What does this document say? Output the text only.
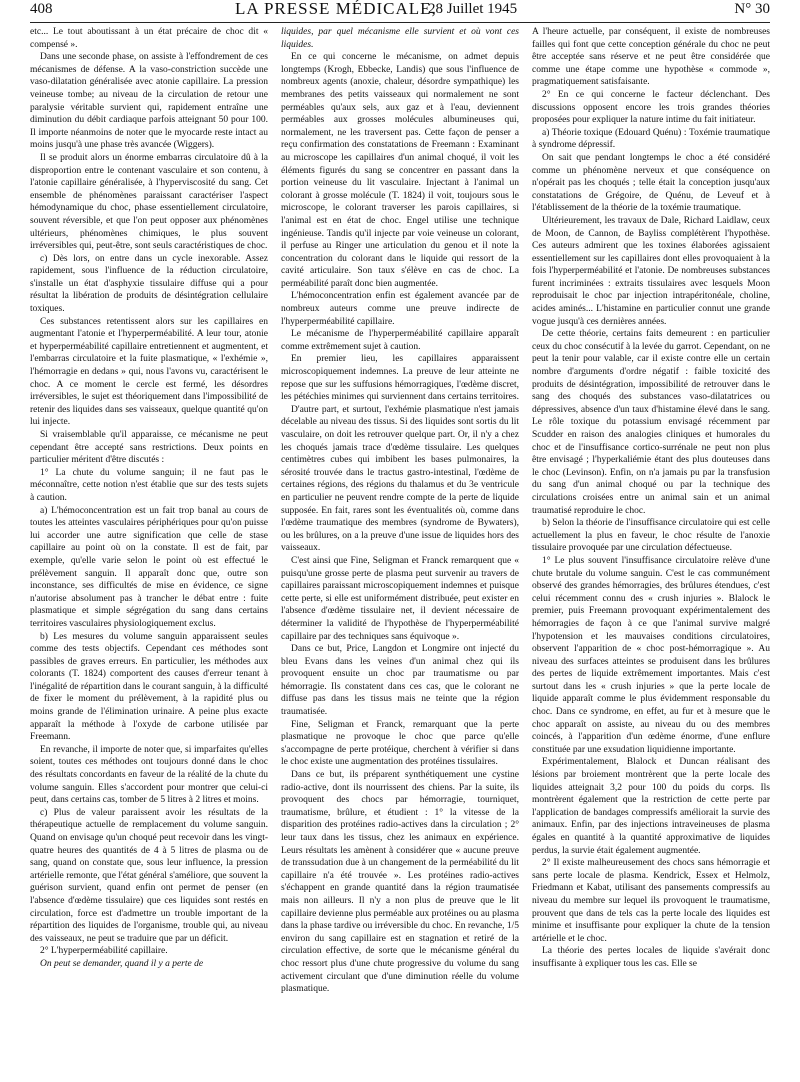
408	LA PRESSE MÉDICALE,
28 Juillet 1945	N° 30

etc... Le tout aboutissant à un état précaire de choc dit « compensé ».

Dans une seconde phase, on assiste à l'effondrement de ces mécanismes de défense. A la vaso-constriction succède une vaso-dilatation généralisée avec atonie capillaire. La pression veineuse tombe; au niveau de la circulation de retour une paralysie véritable survient qui, rapidement entraîne une diminution du débit cardiaque parfois atteignant 50 pour 100. Il importe néanmoins de noter que le myocarde reste intact au moins jusqu'à une phase très avancée (Wiggers).

Il se produit alors un énorme embarras circulatoire dû à la disproportion entre le contenant vasculaire et son contenu, à l'atonie capillaire généralisée, à l'hyperviscosité du sang. Cet ensemble de phénomènes paraissant caractériser l'aspect hémodynamique du choc, phase essentiellement circulatoire, souvent réversible, et que l'on peut opposer aux phénomènes ultérieurs, phénomènes chimiques, le plus souvent irréversibles qui, peut-être, sont seuls caractéristiques de choc.

c) Dès lors, on entre dans un cycle inexorable. Assez rapidement, sous l'influence de la réduction circulatoire, s'installe un état d'asphyxie tissulaire diffuse qui a pour résultat la libération de produits de désintégration cellulaire toxiques.

Ces substances retentissent alors sur les capillaires en augmentant l'atonie et l'hyperperméabilité. A leur tour, atonie et hyperperméabilité capillaire entretiennent et augmentent, et l'embarras circulatoire et la fuite plasmatique, « l'exhémie », l'hémorragie en dedans » qui, nous l'avons vu, caractérisent le choc. A ce moment le cercle est fermé, les désordres irréversibles, le sujet est théoriquement dans l'impossibilité de retenir des liquides dans ses vaisseaux, quelque quantité qu'on lui injecte.

Si vraisemblable qu'il apparaisse, ce mécanisme ne peut cependant être accepté sans restrictions. Deux points en particulier méritent d'être discutés :

1° La chute du volume sanguin; il ne faut pas le méconnaître, cette notion n'est établie que sur des tests sujets à caution.

a) L'hémoconcentration est un fait trop banal au cours de toutes les atteintes vasculaires périphériques pour qu'on puisse lui accorder une autre signification que celle de stase capillaire au point où on la constate. Il est de fait, par exemple, qu'elle varie selon le point où est effectué le prélèvement sanguin. Il apparaît donc que, outre son inconstance, ses difficultés de mise en évidence, ce signe n'autorise absolument pas à trancher le débat entre : fuite plasmatique et simple ségrégation du sang dans certains territoires vasculaires physiologiquement exclus.

b) Les mesures du volume sanguin apparaissent seules comme des tests objectifs. Cependant ces méthodes sont passibles de graves erreurs. En particulier, les méthodes aux colorants (T. 1824) comportent des causes d'erreur tenant à l'inégalité de répartition dans le courant sanguin, à la difficulté de fixer le moment du prélèvement, à la rapidité plus ou moins grande de l'élimination urinaire. A peine plus exacte apparaît la méthode à l'oxyde de carbone utilisée par Freemann.

En revanche, il importe de noter que, si imparfaites qu'elles soient, toutes ces méthodes ont toujours donné dans le choc des résultats concordants en faveur de la réalité de la chute du volume sanguin. Elles s'accordent pour montrer que celui-ci peut, dans certains cas, tomber de 5 litres à 2 litres et moins.

c) Plus de valeur paraissent avoir les résultats de la thérapeutique actuelle de remplacement du volume sanguin. Quand on envisage qu'un choqué peut recevoir dans les vingt-quatre heures des quantités de 4 à 5 litres de plasma ou de sang, quand on constate que, sous leur influence, la pression artérielle remonte, que l'état général s'améliore, que souvent la guérison survient, quand enfin ont permet de penser (en l'absence d'œdème tissulaire) que ces liquides sont restés en circulation, force est d'admettre un trouble important de la répartition des liquides de l'organisme, trouble qui, au niveau des vaisseaux, ne peut se traduire que par un déficit.

2° L'hyperperméabilité capillaire.

On peut se demander, quand il y a perte de

liquides, par quel mécanisme elle survient et où vont ces liquides.

En ce qui concerne le mécanisme, on admet depuis longtemps (Krogh, Ebbecke, Landis) que sous l'influence de nombreux agents (anoxie, chaleur, désordre sympathique) les membranes des petits vaisseaux qui normalement ne sont perméables qu'aux sels, aux gaz et à l'eau, deviennent perméables aux grosses molécules albumineuses qui, normalement, ne les traversent pas. Cette façon de penser a reçu confirmation des constatations de Freemann : Examinant au microscope les capillaires d'un animal choqué, il voit les éléments figurés du sang se concentrer en passant dans la portion veineuse du lit vasculaire. Injectant à l'animal un colorant à grosse molécule (T. 1824) il voit, toujours sous le microscope, le colorant traverser les parois capillaires, si l'animal est en état de choc. Engel utilise une technique ingénieuse. Tandis qu'il injecte par voie veineuse un colorant, il perfuse au Ringer une articulation du genou et il note la concentration du colorant dans le liquide qui ressort de la cavité articulaire. Son taux s'élève en cas de choc. La perméabilité paraît donc bien augmentée.

L'hémoconcentration enfin est également avancée par de nombreux auteurs comme une preuve indirecte de l'hyperperméabilité capillaire.

Le mécanisme de l'hyperperméabilité capillaire apparaît comme extrêmement sujet à caution.

En premier lieu, les capillaires apparaissent microscopiquement indemnes. La preuve de leur atteinte ne repose que sur les suffusions hémorragiques, l'œdème discret, les pétéchies minimes qui surviennent dans certains territoires.

D'autre part, et surtout, l'exhémie plasmatique n'est jamais décelable au niveau des tissus. Si des liquides sont sortis du lit vasculaire, on doit les retrouver quelque part. Or, il n'y a chez les choqués jamais trace d'œdème tissulaire. Les quelques centimètres cubes qui imbibent les bases pulmonaires, la sérosité trouvée dans le tractus gastro-intestinal, l'œdème de certaines régions, des régions du thalamus et du 3e ventricule en particulier ne peuvent rendre compte de la perte de liquide supposée. En fait, rares sont les éventualités où, comme dans l'œdème traumatique des membres (syndrome de Bywaters), ou les brûlures, on a la preuve d'une issue de liquides hors des vaisseaux.

C'est ainsi que Fine, Seligman et Franck remarquent que « puisqu'une grosse perte de plasma peut survenir au travers de capillaires paraissant microscopiquement indemnes et puisque cette perte, si elle est uniformément distribuée, peut exister en l'absence d'œdème tissulaire net, il devient nécessaire de déterminer la validité de l'hypothèse de l'hyperperméabilité capillaire par des techniques sans équivoque ».

Dans ce but, Price, Langdon et Longmire ont injecté du bleu Evans dans les veines d'un animal chez qui ils provoquent ensuite un choc par traumatisme ou par hémorragie. Ils constatent dans ces cas, que le colorant ne diffuse pas dans les tissus mais ne teinte que la région traumatisée.

Fine, Seligman et Franck, remarquant que la perte plasmatique ne provoque le choc que parce qu'elle s'accompagne de perte protéique, cherchent à vérifier si dans le choc existe une augmentation des protéines tissulaires.

Dans ce but, ils préparent synthétiquement une cystine radio-active, dont ils nourrissent des chiens. Par la suite, ils provoquent des chocs par hémorragie, tourniquet, traumatisme, brûlure, et étudient : 1° la vitesse de la disparition des protéines radio-actives dans la circulation ; 2° leur taux dans les tissus, chez les animaux en expérience. Leurs résultats les amènent à considérer que « aucune preuve de transsudation due à un changement de la perméabilité du lit capillaire n'a été trouvée ». Les protéines radio-actives s'échappent en grande quantité dans la région traumatisée mais non ailleurs. Il n'y a non plus de preuve que le lit capillaire devienne plus perméable aux protéines ou au plasma dans la phase tardive ou irréversible du choc. En revanche, 1/5 environ du sang capillaire est en stagnation et retiré de la circulation effective, de sorte que le mécanisme général du choc ressort plus d'une chute progressive du volume du sang activement circulant que d'une diminution réelle du volume plasmatique.

A l'heure actuelle, par conséquent, il existe de nombreuses failles qui font que cette conception générale du choc ne peut être acceptée sans réserve et ne peut être considérée que comme une étape comme une hypothèse « commode », pragmatiquement satisfaisante.

2° En ce qui concerne le facteur déclenchant. Des discussions opposent encore les trois grandes théories proposées pour expliquer la nature intime du fait initiateur.

a) Théorie toxique (Edouard Quénu) : Toxémie traumatique à syndrome dépressif.

On sait que pendant longtemps le choc a été considéré comme un phénomène nerveux et que conséquence on n'opérait pas les choqués ; telle était la conception jusqu'aux constatations de Grégoire, de Quénu, de Leveuf et à l'établissement de la théorie de la toxémie traumatique.

Ultérieurement, les travaux de Dale, Richard Laidlaw, ceux de Moon, de Cannon, de Bayliss complétèrent l'hypothèse. Ces auteurs admirent que les toxines élaborées agissaient essentiellement sur les capillaires dont elles provoquaient à la fois l'hyperperméabilité et l'atonie. De nombreuses substances furent incriminées : extraits tissulaires avec lesquels Moon reproduisait le choc par injection intrapéritonéale, choline, acides aminés... L'histamine en particulier connut une grande vogue jusqu'à ces dernières années.

De cette théorie, certains faits demeurent : en particulier ceux du choc consécutif à la levée du garrot. Cependant, on ne peut la tenir pour valable, car il existe contre elle un certain nombre d'arguments d'ordre négatif : faible toxicité des produits de désintégration, impossibilité de retrouver dans le sang des choqués des substances vaso-dilatatrices ou dépressives, absence d'un taux d'histamine élevé dans le sang. Le rôle toxique du potassium envisagé récemment par Scudder en raison des analogies cliniques et humorales du choc et de l'insuffisance cortico-surrénale ne peut non plus être envisagé ; l'hyperkaliémie étant des plus douteuses dans le choc (Levinson). Enfin, on n'a jamais pu par la transfusion du sang d'un animal choqué ou par la technique des circulations croisées entre un animal sain et un animal traumatisé reproduire le choc.

b) Selon la théorie de l'insuffisance circulatoire qui est celle actuellement la plus en faveur, le choc résulte de l'anoxie tissulaire provoquée par une circulation défectueuse.

1° Le plus souvent l'insuffisance circulatoire relève d'une chute brutale du volume sanguin. C'est le cas communément observé des grandes hémorragies, des brûlures étendues, c'est celui récemment connu des « crush injuries ». Blalock le premier, puis Freemann provoquant expérimentalement des hémorragies de façon à ce que l'animal survive malgré l'hypotension et les mauvaises conditions circulatoires, observent l'apparition de « choc post-hémorragique ». Au niveau des surfaces atteintes se produisent dans les brûlures des pertes de liquide extrêmement importantes. Mais c'est surtout dans les « crush injuries » que la perte locale de liquide apparaît comme le plus évidemment responsable du choc. Dans ce syndrome, en effet, au fur et à mesure que le choc apparaît on assiste, au niveau du ou des membres coincés, à l'apparition d'un œdème énorme, d'une enflure constituée par une exsudation liquidienne importante.

Expérimentalement, Blalock et Duncan réalisant des lésions par broiement montrèrent que la perte locale des liquides atteignait 3,2 pour 100 du poids du corps. Ils montrèrent également que la restriction de cette perte par l'application de bandages compressifs améliorait la survie des animaux. Enfin, par des injections intraveineuses de plasma égales en quantité à la quantité approximative de liquides perdus, la survie était également augmentée.

2° Il existe malheureusement des chocs sans hémorragie et sans perte locale de plasma. Kendrick, Essex et Helmolz, Friedmann et Kabat, utilisant des pansements compressifs au niveau du membre sur lequel ils provoquent le traumatisme, prouvent que dans de tels cas la perte locale des liquides est minime et insuffisante pour expliquer la chute de la tension artérielle et le choc.

La théorie des pertes locales de liquide s'avérait donc insuffisante à expliquer tous les cas. Elle se
